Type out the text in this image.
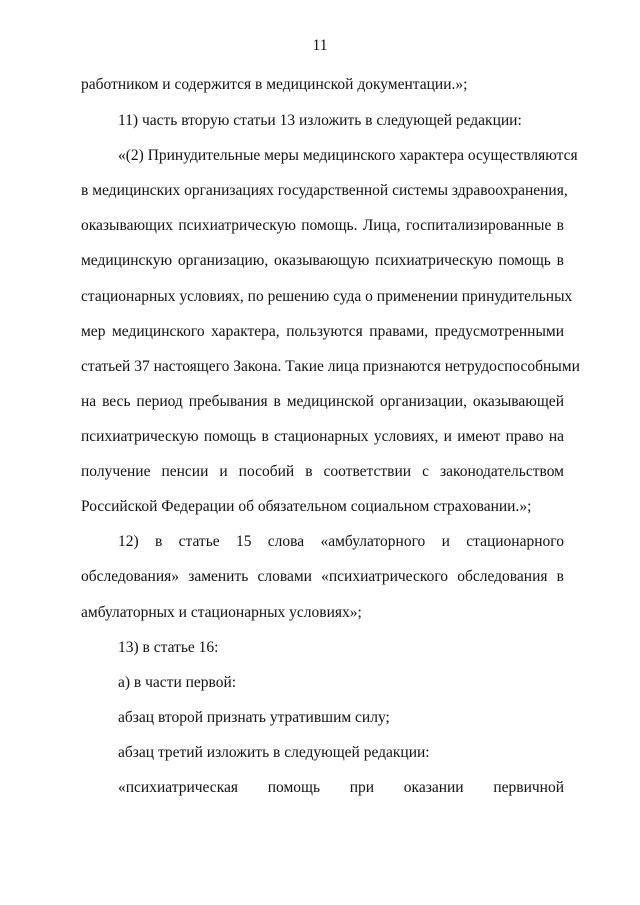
11
работником и содержится в медицинской документации.»;
11) часть вторую статьи 13 изложить в следующей редакции:
«(2) Принудительные меры медицинского характера осуществляются
в медицинских организациях государственной системы здравоохранения,
оказывающих психиатрическую помощь. Лица, госпитализированные в
медицинскую организацию, оказывающую психиатрическую помощь в
стационарных условиях, по решению суда о применении принудительных
мер медицинского характера, пользуются правами, предусмотренными
статьей 37 настоящего Закона. Такие лица признаются нетрудоспособными
на весь период пребывания в медицинской организации, оказывающей
психиатрическую помощь в стационарных условиях, и имеют право на
получение пенсии и пособий в соответствии с законодательством
Российской Федерации об обязательном социальном страховании.»;
12) в статье 15 слова «амбулаторного и стационарного
обследования» заменить словами «психиатрического обследования в
амбулаторных и стационарных условиях»;
13) в статье 16:
а) в части первой:
абзац второй признать утратившим силу;
абзац третий изложить в следующей редакции:
«психиатрическая помощь при оказании первичной
